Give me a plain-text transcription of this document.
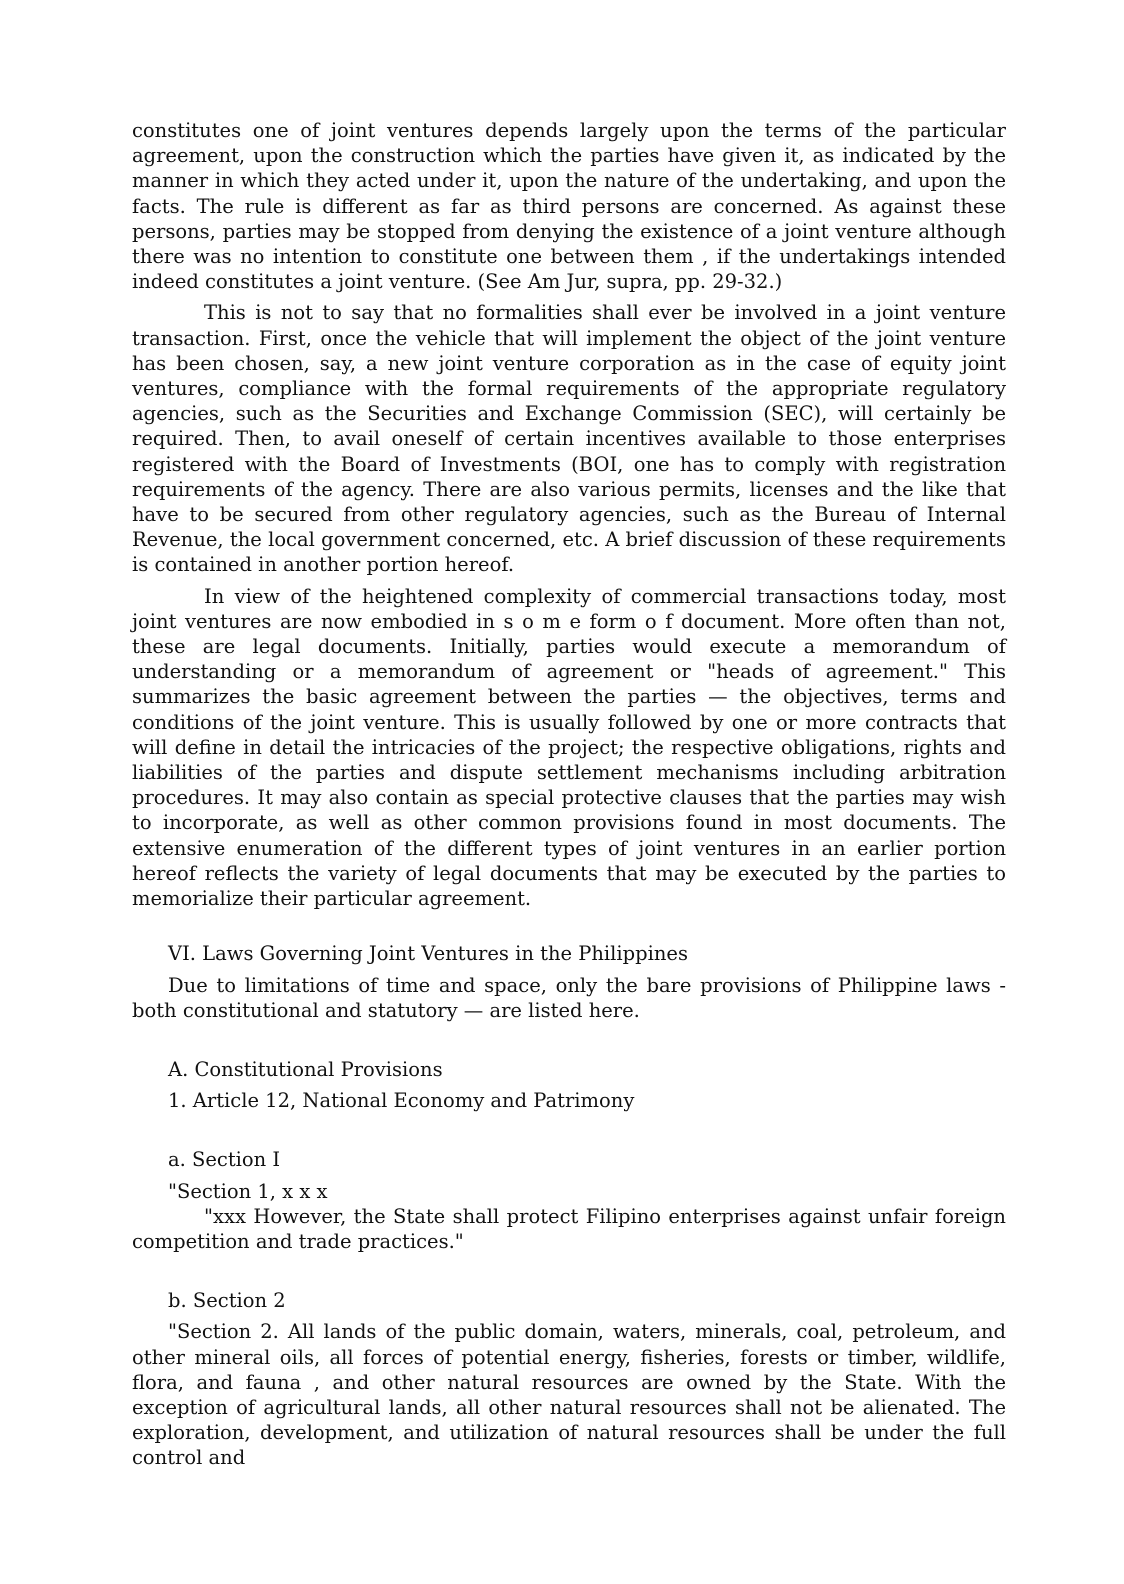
constitutes one of joint ventures depends largely upon the terms of the particular agreement, upon the construction which the parties have given it, as indicated by the manner in which they acted under it, upon the nature of the undertaking, and upon the facts. The rule is different as far as third persons are concerned. As against these persons, parties may be stopped from denying the existence of a joint venture although there was no intention to constitute one between them , if the undertakings intended indeed constitutes a joint venture. (See Am Jur, supra, pp. 29-32.)

This is not to say that no formalities shall ever be involved in a joint venture transaction. First, once the vehicle that will implement the object of the joint venture has been chosen, say, a new joint venture corporation as in the case of equity joint ventures, compliance with the formal requirements of the appropriate regulatory agencies, such as the Securities and Exchange Commission (SEC), will certainly be required. Then, to avail oneself of certain incentives available to those enterprises registered with the Board of Investments (BOI, one has to comply with registration requirements of the agency. There are also various permits, licenses and the like that have to be secured from other regulatory agencies, such as the Bureau of Internal Revenue, the local government concerned, etc. A brief discussion of these requirements is contained in another portion hereof.

In view of the heightened complexity of commercial transactions today, most joint ventures are now embodied in s o m e form o f document. More often than not, these are legal documents. Initially, parties would execute a memorandum of understanding or a memorandum of agreement or "heads of agreement." This summarizes the basic agreement between the parties — the objectives, terms and conditions of the joint venture. This is usually followed by one or more contracts that will define in detail the intricacies of the project; the respective obligations, rights and liabilities of the parties and dispute settlement mechanisms including arbitration procedures. It may also contain as special protective clauses that the parties may wish to incorporate, as well as other common provisions found in most documents. The extensive enumeration of the different types of joint ventures in an earlier portion hereof reflects the variety of legal documents that may be executed by the parties to memorialize their particular agreement.

VI. Laws Governing Joint Ventures in the Philippines

Due to limitations of time and space, only the bare provisions of Philippine laws - both constitutional and statutory — are listed here.

A. Constitutional Provisions

1. Article 12, National Economy and Patrimony

a. Section I

"Section 1, x x x

"xxx However, the State shall protect Filipino enterprises against unfair foreign competition and trade practices."

b. Section 2

"Section 2. All lands of the public domain, waters, minerals, coal, petroleum, and other mineral oils, all forces of potential energy, fisheries, forests or timber, wildlife, flora, and fauna , and other natural resources are owned by the State. With the exception of agricultural lands, all other natural resources shall not be alienated. The exploration, development, and utilization of natural resources shall be under the full control and
